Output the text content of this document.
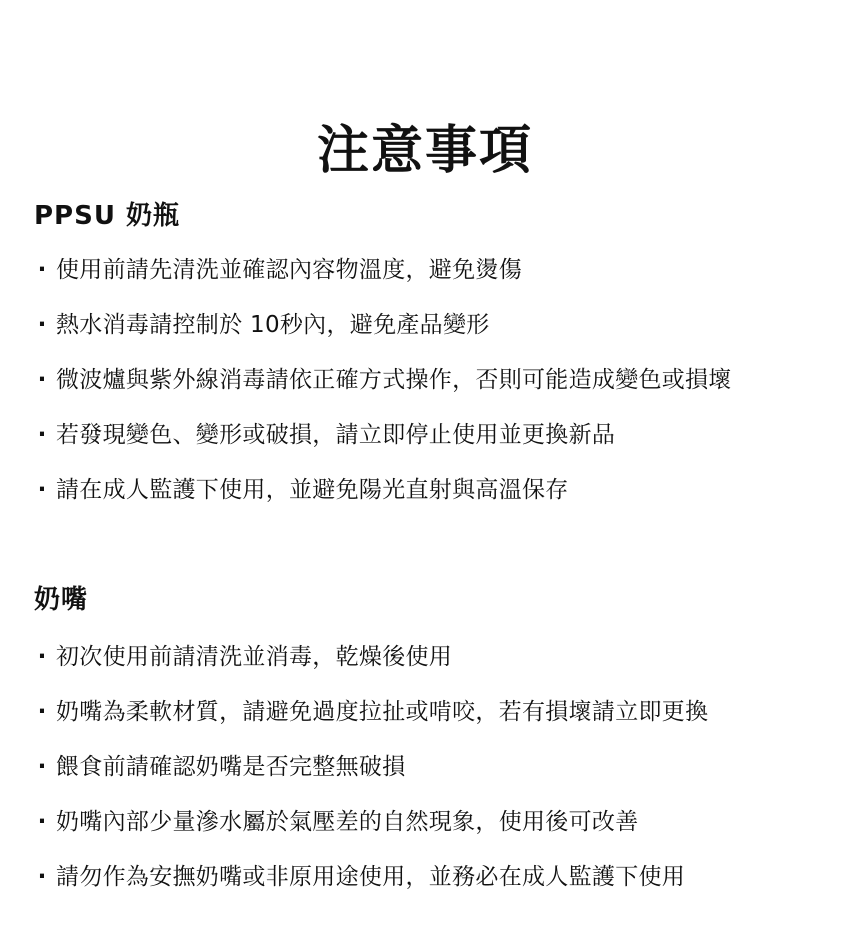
注意事項
PPSU 奶瓶
· 使用前請先清洗並確認內容物溫度，避免燙傷
· 熱水消毒請控制於 10秒內，避免產品變形
· 微波爐與紫外線消毒請依正確方式操作，否則可能造成變色或損壞
· 若發現變色、變形或破損，請立即停止使用並更換新品
· 請在成人監護下使用，並避免陽光直射與高溫保存
奶嘴
· 初次使用前請清洗並消毒，乾燥後使用
· 奶嘴為柔軟材質，請避免過度拉扯或啃咬，若有損壞請立即更換
· 餵食前請確認奶嘴是否完整無破損
· 奶嘴內部少量滲水屬於氣壓差的自然現象，使用後可改善
· 請勿作為安撫奶嘴或非原用途使用，並務必在成人監護下使用
